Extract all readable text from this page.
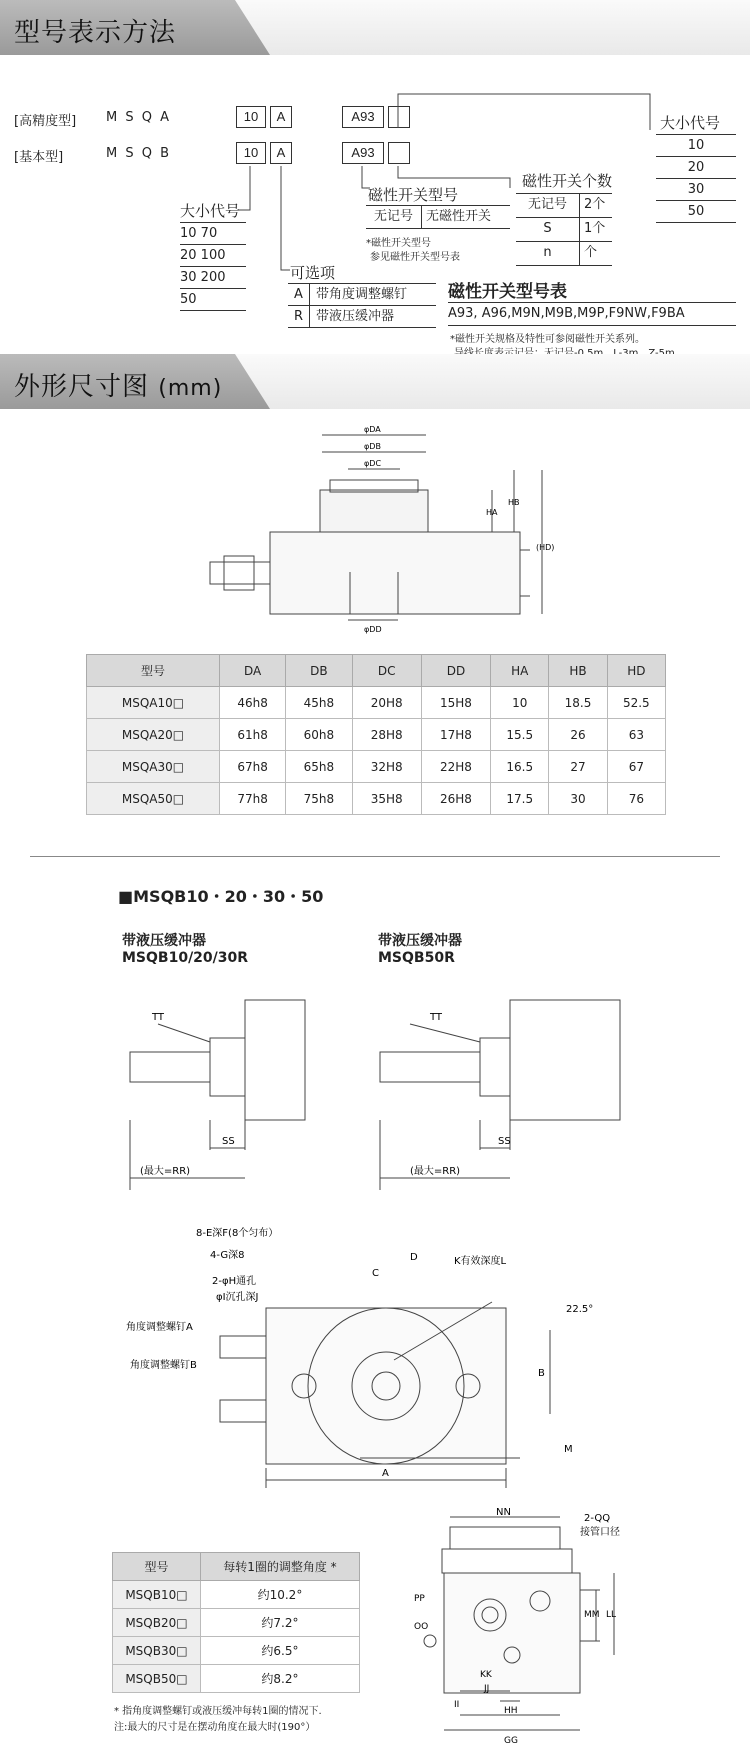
型号表示方法
[高精度型] M S Q A	10	A	A93
[基本型]	M S Q B	10	A	A93
大小代号
10 70
20 100
30 200
50
可选项
A	带角度调整螺钉
R 带液压缓冲器
磁性开关型号
无记号	无磁性开关
*磁性开关型号
参见磁性开关型号表
磁性开关个数
无记号	2个
S	1个
n	个
大小代号
10
20
30
50
磁性开关型号表
A93, A96,M9N,M9B,M9P,F9NW,F9BA
*磁性开关规格及特性可参阅磁性开关系列。
外形尺寸图 (mm)
φDA
φDB
φDC
φDD
HA
HB
(HD)
型号	DA	DB	DC	DD	HA	HB	HD
MSQA10□	46h8	45h8	20H8	15H8	10	18.5	52.5
MSQA20□	61h8	60h8	28H8	17H8	15.5	26	63
MSQA30□	67h8	65h8	32H8	22H8	16.5	27	67
MSQA50□	77h8	75h8	35H8	26H8	17.5	30	76
■MSQB10・20・30・50
带液压缓冲器
MSQB10/20/30R
带液压缓冲器
MSQB50R
TT
SS
(最大=RR)
TT
SS
(最大=RR)
8-E深F(8个匀布）
4-G深8
2-φH通孔
φI沉孔深J
角度调整螺钉A
角度调整螺钉B
C
D	K有效深度L
22.5°
B
A
M
型号	每转1圈的调整角度 *
MSQB10□	约10.2°
MSQB20□	约7.2°
MSQB30□	约6.5°
MSQB50□	约8.2°
* 指角度调整螺钉或液压缓冲每转1圈的情况下.
注:最大的尺寸是在摆动角度在最大时(190°）
NN
2-QQ
接管口径
PP
OO
MM LL
KK
JJ
II
HH
GG
